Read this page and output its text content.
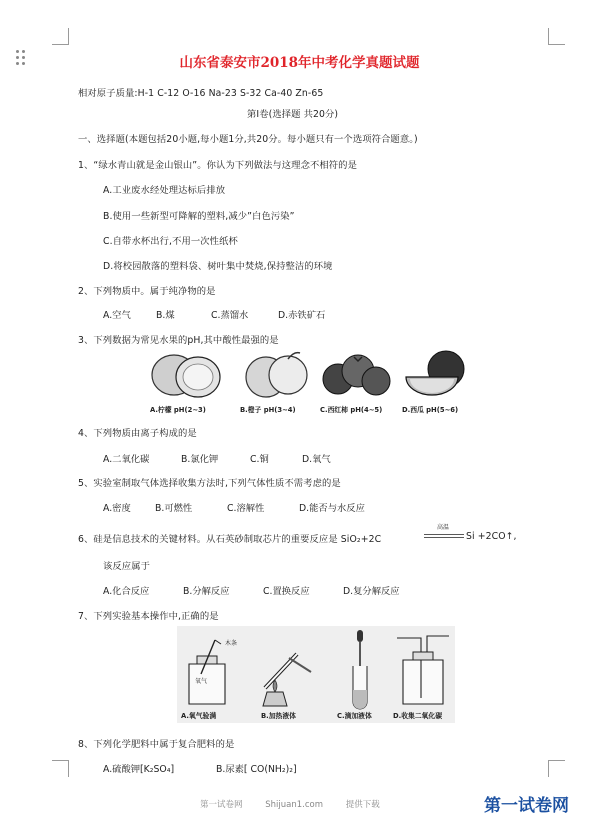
山东省泰安市2018年中考化学真题试题
相对原子质量:H-1 C-12 O-16 Na-23 S-32 Ca-40 Zn-65
第Ⅰ卷(选择题 共20分)
一、选择题(本题包括20小题,每小题1分,共20分。每小题只有一个选项符合题意。)
1、“绿水青山就是金山银山”。你认为下列做法与这理念不相符的是
A.工业废水经处理达标后排放
B.使用一些新型可降解的塑料,减少”白色污染”
C.自带水杯出行,不用一次性纸杯
D.将校园散落的塑料袋、树叶集中焚烧,保持整洁的环境
2、下列物质中。属于纯净物的是
A.空气	B.煤	C.蒸馏水	D.赤铁矿石
3、下列数据为常见水果的pH,其中酸性最强的是
A.柠檬 pH(2~3)	B.橙子 pH(3~4)	C.西红柿 pH(4~5)	D.西瓜 pH(5~6)
4、下列物质由离子构成的是
A.二氧化碳	B.氯化钾	C.铜	D.氧气
5、实验室制取气体选择收集方法时,下列气体性质不需考虑的是
A.密度	B.可燃性	C.溶解性	D.能否与水反应
6、硅是信息技术的关键材料。从石英砂制取芯片的重要反应是 SiO₂+2C
高温
Si +2CO↑,
该反应属于
A.化合反应	B.分解反应	C.置换反应	D.复分解反应
7、下列实验基本操作中,正确的是
木条
氧气
A.氧气验满	B.加热液体	C.滴加液体	D.收集二氧化碳
8、下列化学肥料中属于复合肥料的是
A.硫酸钾[K₂SO₄]	B.尿素[ CO(NH₂)₂]
第一试卷网	Shijuan1.com	提供下载	第一试卷网
